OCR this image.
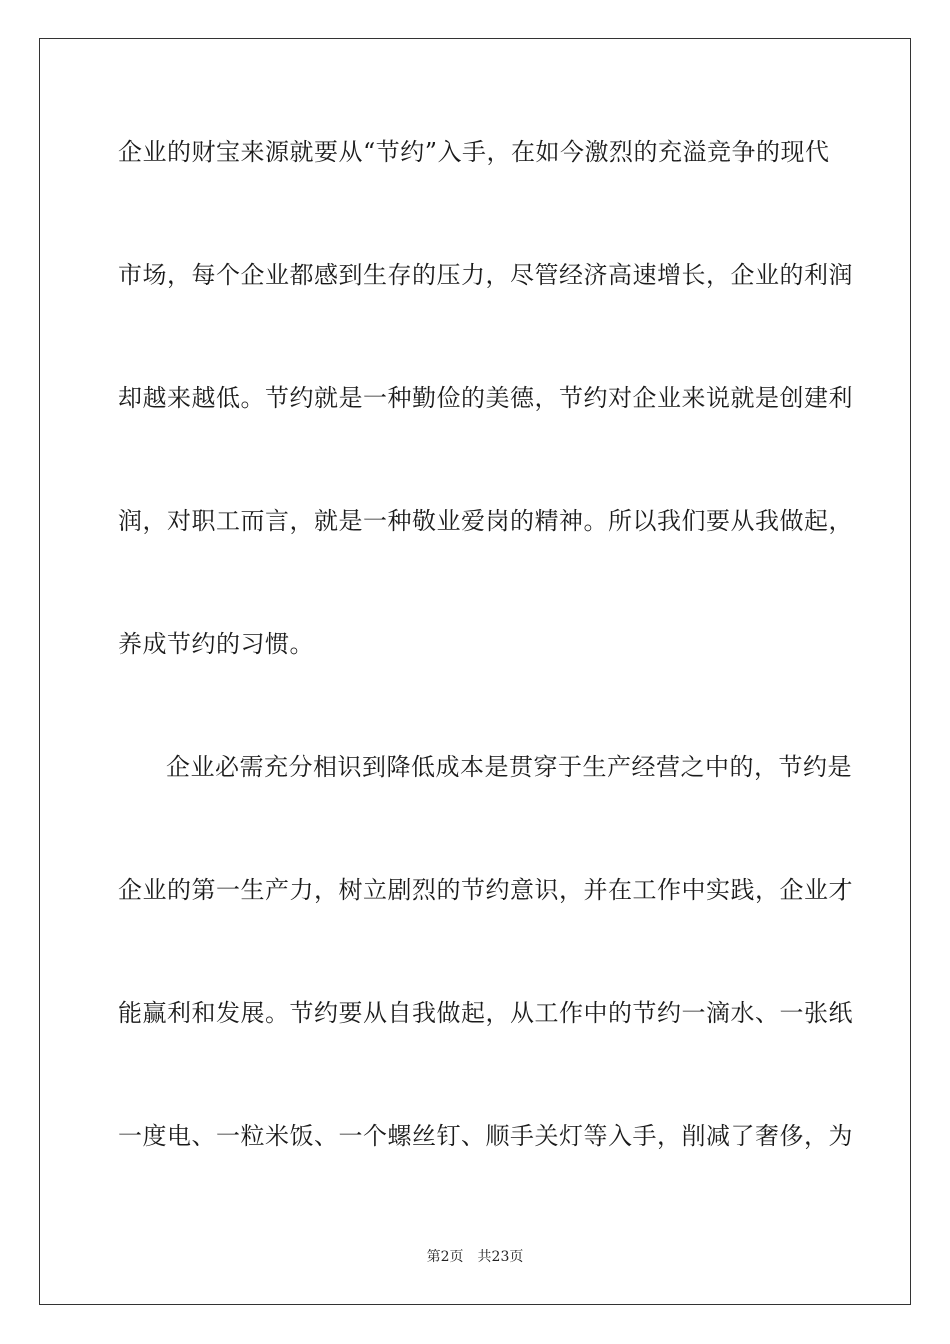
企业的财宝来源就要从“节约”入手，在如今激烈的充溢竞争的现代
市场，每个企业都感到生存的压力，尽管经济高速增长，企业的利润
却越来越低。节约就是一种勤俭的美德，节约对企业来说就是创建利
润，对职工而言，就是一种敬业爱岗的精神。所以我们要从我做起，
养成节约的习惯。
企业必需充分相识到降低成本是贯穿于生产经营之中的，节约是
企业的第一生产力，树立剧烈的节约意识，并在工作中实践，企业才
能赢利和发展。节约要从自我做起，从工作中的节约一滴水、一张纸
一度电、一粒米饭、一个螺丝钉、顺手关灯等入手，削减了奢侈，为
第2页 共23页
